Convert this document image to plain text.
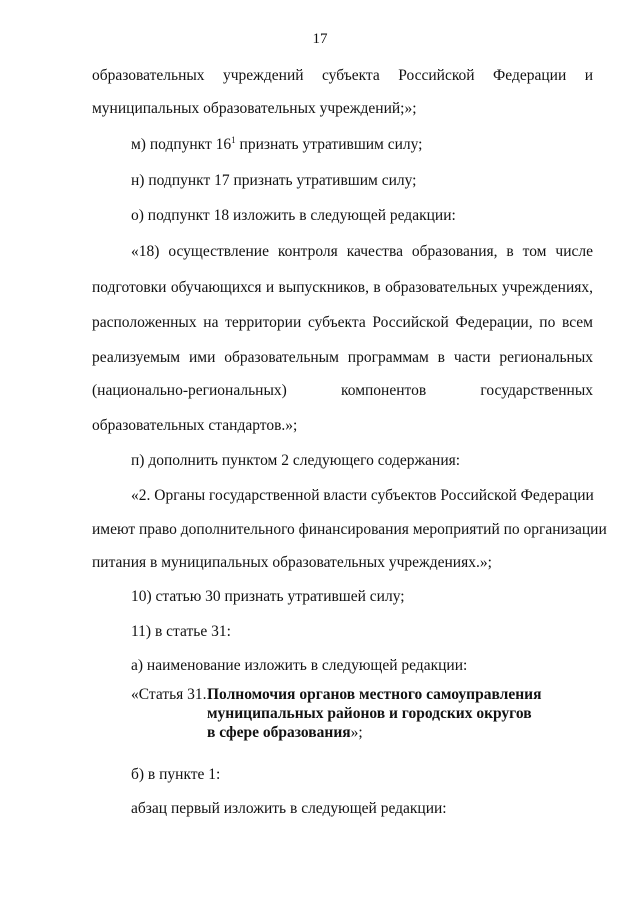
17
образовательных учреждений субъекта Российской Федерации и
муниципальных образовательных учреждений;»;
м) подпункт $16^1$ признать утратившим силу;
н) подпункт 17 признать утратившим силу;
о) подпункт 18 изложить в следующей редакции:
«18) осуществление контроля качества образования, в том числе
подготовки обучающихся и выпускников, в образовательных учреждениях,
расположенных на территории субъекта Российской Федерации, по всем
реализуемым ими образовательным программам в части региональных
(национально-региональных)	компонентов	государственных
образовательных стандартов.»;
п) дополнить пунктом 2 следующего содержания:
«2. Органы государственной власти субъектов Российской Федерации
имеют право дополнительного финансирования мероприятий по организации
питания в муниципальных образовательных учреждениях.»;
10) статью 30 признать утратившей силу;
11) в статье 31:
а) наименование изложить в следующей редакции:
«Статья 31. Полномочия органов местного самоуправления
муниципальных районов и городских округов
в сфере образования»;
б) в пункте 1:
абзац первый изложить в следующей редакции:
